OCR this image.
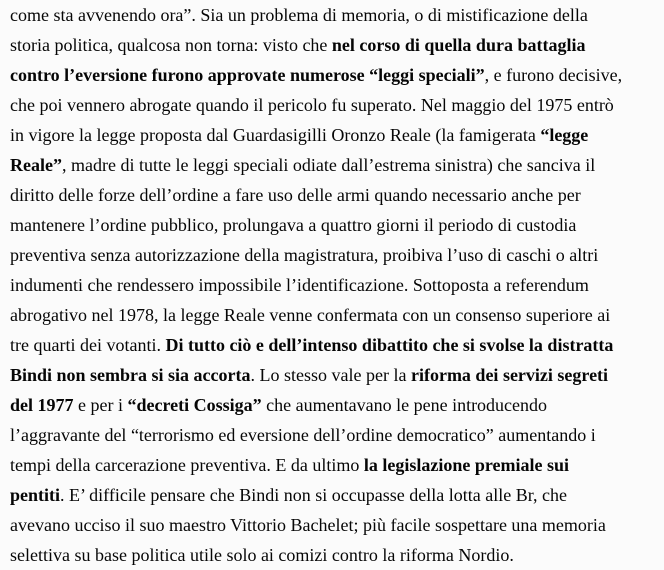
come sta avvenendo ora”. Sia un problema di memoria, o di mistificazione della
storia politica, qualcosa non torna: visto che nel corso di quella dura battaglia
contro l’eversione furono approvate numerose “leggi speciali”, e furono decisive,
che poi vennero abrogate quando il pericolo fu superato. Nel maggio del 1975 entrò
in vigore la legge proposta dal Guardasigilli Oronzo Reale (la famigerata “legge
Reale”, madre di tutte le leggi speciali odiate dall’estrema sinistra) che sanciva il
diritto delle forze dell’ordine a fare uso delle armi quando necessario anche per
mantenere l’ordine pubblico, prolungava a quattro giorni il periodo di custodia
preventiva senza autorizzazione della magistratura, proibiva l’uso di caschi o altri
indumenti che rendessero impossibile l’identificazione. Sottoposta a referendum
abrogativo nel 1978, la legge Reale venne confermata con un consenso superiore ai
tre quarti dei votanti. Di tutto ciò e dell’intenso dibattito che si svolse la distratta
Bindi non sembra si sia accorta. Lo stesso vale per la riforma dei servizi segreti
del 1977 e per i “decreti Cossiga” che aumentavano le pene introducendo
l’aggravante del “terrorismo ed eversione dell’ordine democratico” aumentando i
tempi della carcerazione preventiva. E da ultimo la legislazione premiale sui
pentiti. E’ difficile pensare che Bindi non si occupasse della lotta alle Br, che
avevano ucciso il suo maestro Vittorio Bachelet; più facile sospettare una memoria
selettiva su base politica utile solo ai comizi contro la riforma Nordio.
